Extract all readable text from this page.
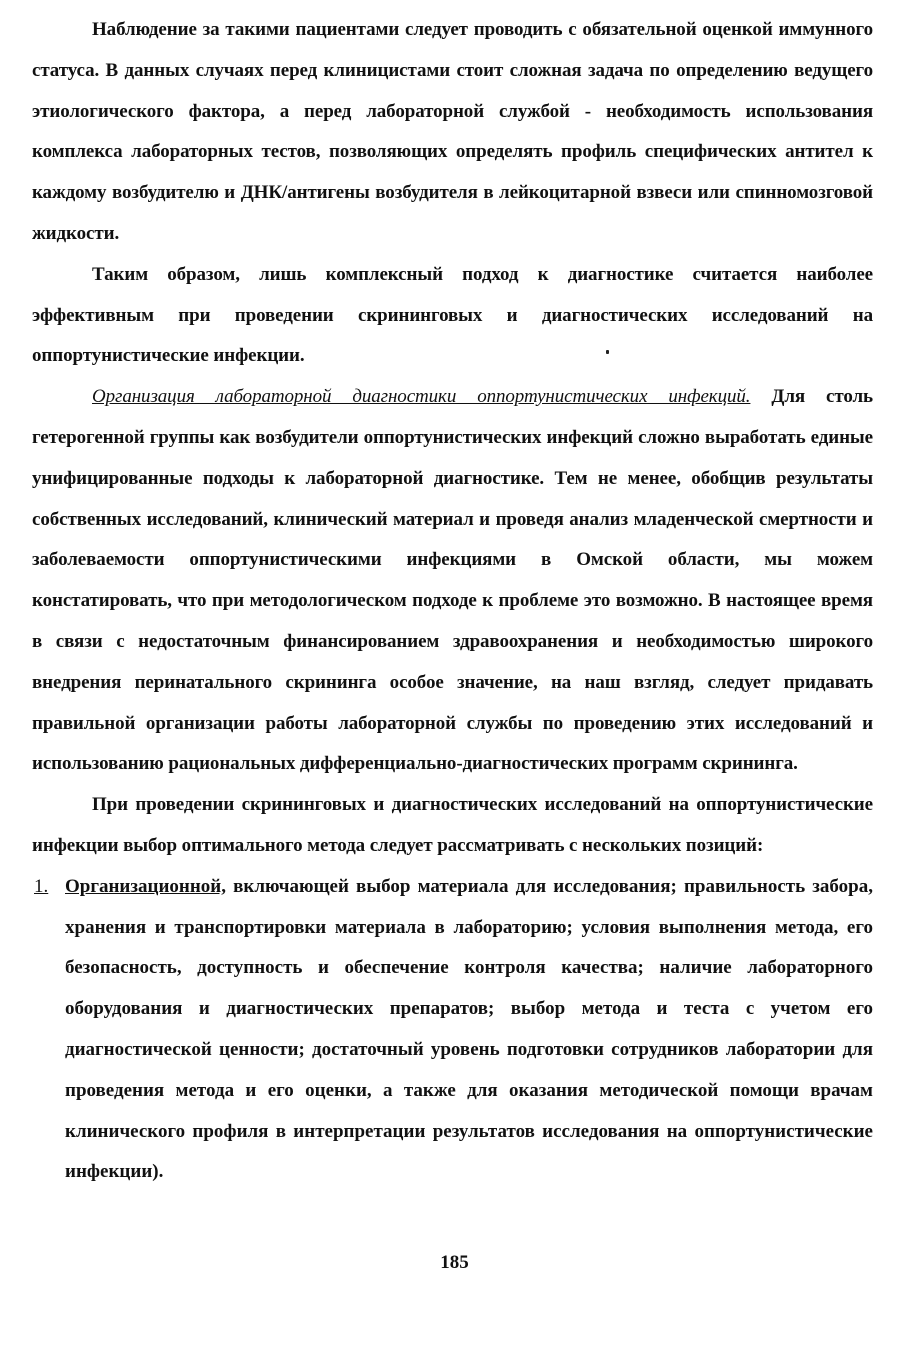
Наблюдение за такими пациентами следует проводить с обязательной оценкой иммунного статуса. В данных случаях перед клиницистами стоит сложная задача по определению ведущего этиологического фактора, а перед лабораторной службой - необходимость использования комплекса лабораторных тестов, позволяющих определять профиль специфических антител к каждому возбудителю и ДНК/антигены возбудителя в лейкоцитарной взвеси или спинномозговой жидкости.

Таким образом, лишь комплексный подход к диагностике считается наиболее эффективным при проведении скрининговых и диагностических исследований на оппортунистические инфекции.

Организация лабораторной диагностики оппортунистических инфекций. Для столь гетерогенной группы как возбудители оппортунистических инфекций сложно выработать единые унифицированные подходы к лабораторной диагностике. Тем не менее, обобщив результаты собственных исследований, клинический материал и проведя анализ младенческой смертности и заболеваемости оппортунистическими инфекциями в Омской области, мы можем констатировать, что при методологическом подходе к проблеме это возможно. В настоящее время в связи с недостаточным финансированием здравоохранения и необходимостью широкого внедрения перинатального скрининга особое значение, на наш взгляд, следует придавать правильной организации работы лабораторной службы по проведению этих исследований и использованию рациональных дифференциально-диагностических программ скрининга.

При проведении скрининговых и диагностических исследований на оппортунистические инфекции выбор оптимального метода следует рассматривать с нескольких позиций:

1. Организационной, включающей выбор материала для исследования; правильность забора, хранения и транспортировки материала в лабораторию; условия выполнения метода, его безопасность, доступность и обеспечение контроля качества; наличие лабораторного оборудования и диагностических препаратов; выбор метода и теста с учетом его диагностической ценности; достаточный уровень подготовки сотрудников лаборатории для проведения метода и его оценки, а также для оказания методической помощи врачам клинического профиля в интерпретации результатов исследования на оппортунистические инфекции).
185
